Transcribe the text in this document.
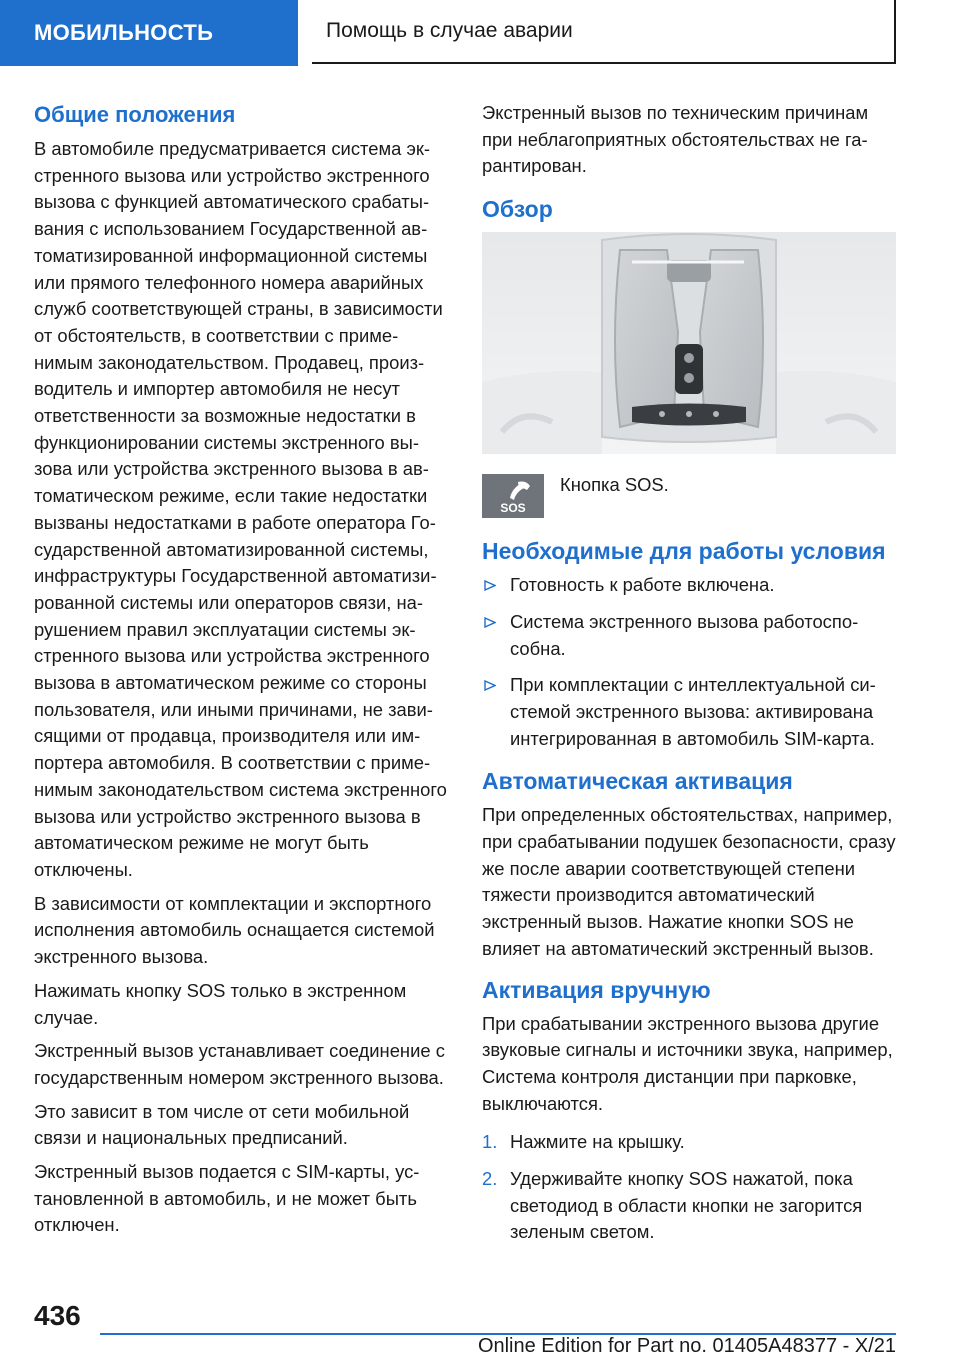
МОБИЛЬНОСТЬ	Помощь в случае аварии
Общие положения

В автомобиле предусматривается система экстренного вызова или устройство экстренного вызова с функцией автоматического срабатывания с использованием Государственной автоматизированной информационной системы или прямого телефонного номера аварийных служб соответствующей страны, в зависимости от обстоятельств, в соответствии с применимым законодательством. Продавец, производитель и импортер автомобиля не несут ответственности за возможные недостатки в функционировании системы экстренного вызова или устройства экстренного вызова в автоматическом режиме, если такие недостатки вызваны недостатками в работе оператора Государственной автоматизированной системы, инфраструктуры Государственной автоматизированной системы или операторов связи, нарушением правил эксплуатации системы экстренного вызова или устройства экстренного вызова в автоматическом режиме со стороны пользователя, или иными причинами, не зависящими от продавца, производителя или импортера автомобиля. В соответствии с применимым законодательством система экстренного вызова или устройство экстренного вызова в автоматическом режиме не могут быть отключены.

В зависимости от комплектации и экспортного исполнения автомобиль оснащается системой экстренного вызова.

Нажимать кнопку SOS только в экстренном случае.

Экстренный вызов устанавливает соединение с государственным номером экстренного вызова.

Это зависит в том числе от сети мобильной связи и национальных предписаний.

Экстренный вызов подается с SIM-карты, установленной в автомобиль, и не может быть отключен.

Экстренный вызов по техническим причинам при неблагоприятных обстоятельствах не гарантирован.

Обзор
SOS
Кнопка SOS.
Необходимые для работы условия
Готовность к работе включена.
Система экстренного вызова работоспособна.
При комплектации с интеллектуальной системой экстренного вызова: активирована интегрированная в автомобиль SIM-карта.
Автоматическая активация

При определенных обстоятельствах, например, при срабатывании подушек безопасности, сразу же после аварии соответствующей степени тяжести производится автоматический экстренный вызов. Нажатие кнопки SOS не влияет на автоматический экстренный вызов.

Активация вручную

При срабатывании экстренного вызова другие звуковые сигналы и источники звука, например, Система контроля дистанции при парковке, выключаются.

1. Нажмите на крышку.
2. Удерживайте кнопку SOS нажатой, пока светодиод в области кнопки не загорится зеленым светом.
436
Online Edition for Part no. 01405A48377 - X/21
